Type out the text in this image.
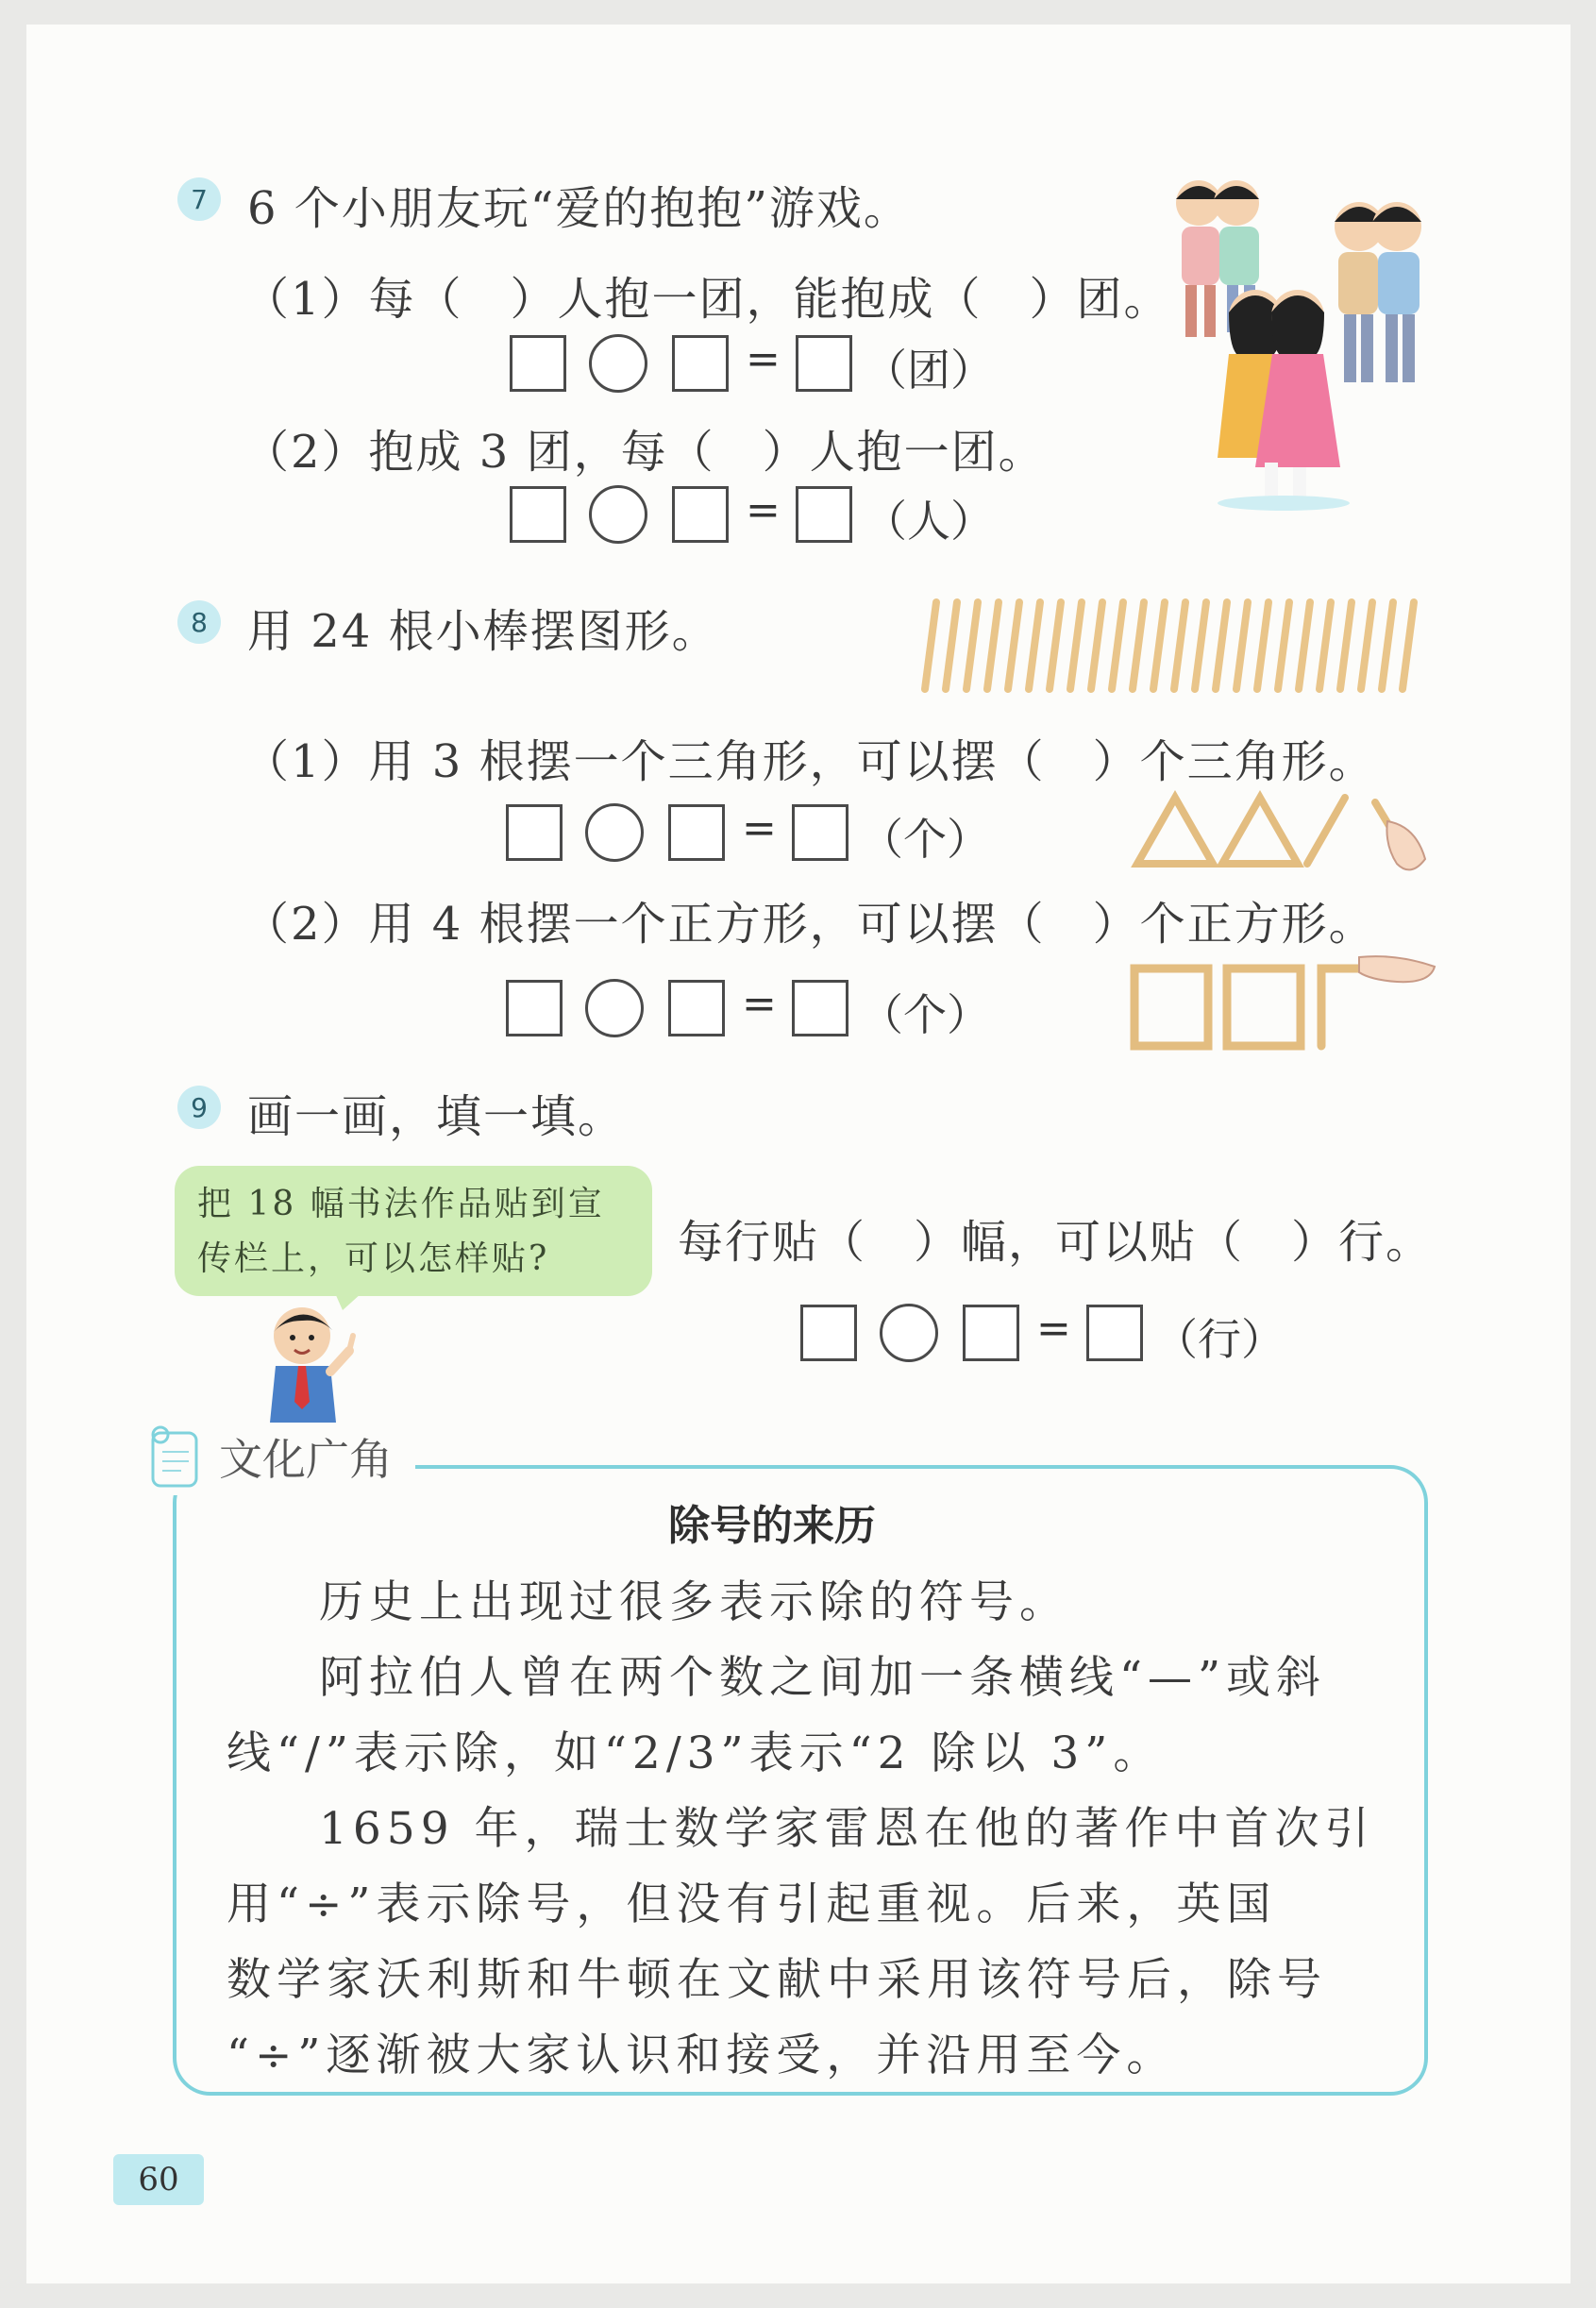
7 6 个小朋友玩“爱的抱抱”游戏。
（1）每（　）人抱一团，能抱成（　）团。
= （团）
（2）抱成 3 团，每（　）人抱一团。
= （人）
8 用 24 根小棒摆图形。
（1）用 3 根摆一个三角形，可以摆（　）个三角形。
= （个）
（2）用 4 根摆一个正方形，可以摆（　）个正方形。
= （个）
9 画一画，填一填。
把 18 幅书法作品贴到宣
传栏上，可以怎样贴?	每行贴（　）幅，可以贴（　）行。
= （行）
文化广角
除号的来历
历史上出现过很多表示除的符号。
阿拉伯人曾在两个数之间加一条横线“—”或斜
线“/”表示除，如“2/3”表示“2 除以 3”。
1659 年，瑞士数学家雷恩在他的著作中首次引
用“÷”表示除号，但没有引起重视。后来，英国
数学家沃利斯和牛顿在文献中采用该符号后，除号
“÷”逐渐被大家认识和接受，并沿用至今。
60
